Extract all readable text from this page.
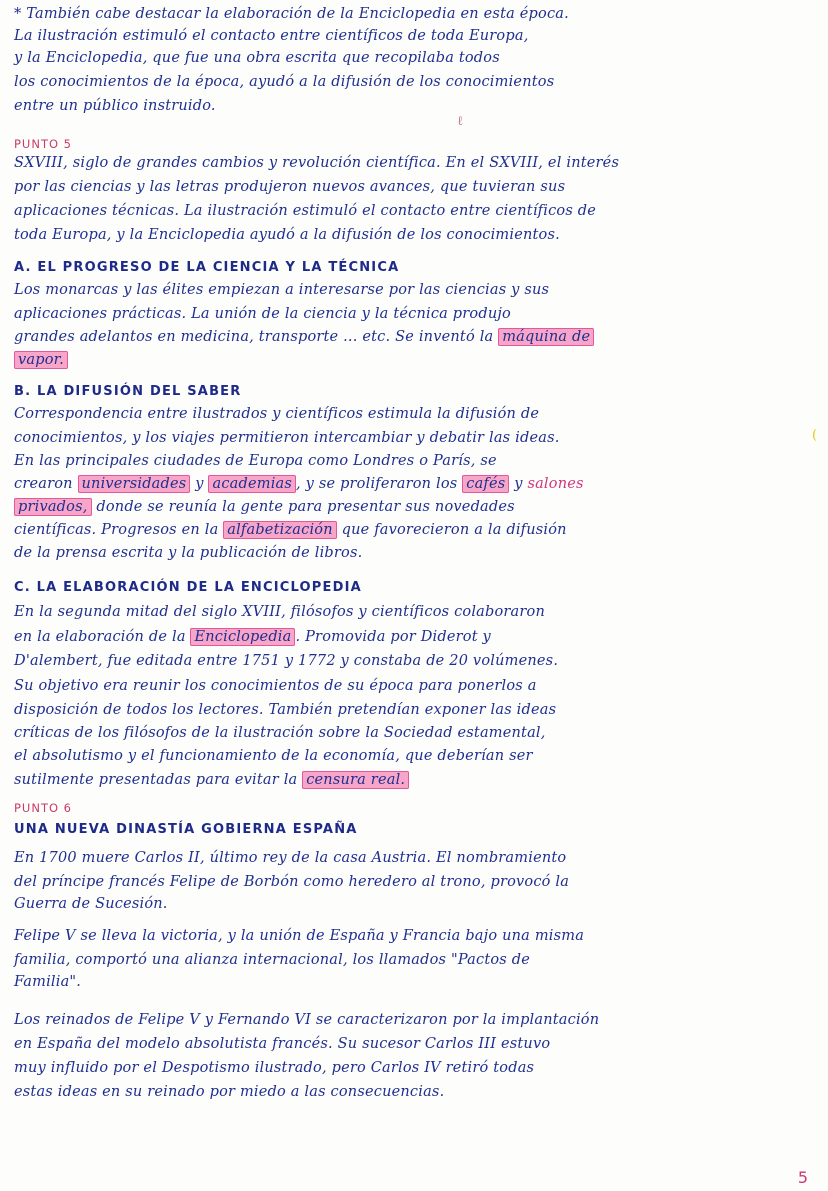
* También cabe destacar la elaboración de la Enciclopedia en esta época.
La ilustración estimuló el contacto entre científicos de toda Europa,
y la Enciclopedia, que fue una obra escrita que recopilaba todos
los conocimientos de la época, ayudó a la difusión de los conocimientos
entre un público instruido.
ℓ
PUNTO 5
SXVIII, siglo de grandes cambios y revolución científica. En el SXVIII, el interés
por las ciencias y las letras produjeron nuevos avances, que tuvieran sus
aplicaciones técnicas. La ilustración estimuló el contacto entre científicos de
toda Europa, y la Enciclopedia ayudó a la difusión de los conocimientos.
A. EL PROGRESO DE LA CIENCIA Y LA TÉCNICA
Los monarcas y las élites empiezan a interesarse por las ciencias y sus
aplicaciones prácticas. La unión de la ciencia y la técnica produjo
grandes adelantos en medicina, transporte ... etc. Se inventó la máquina de
vapor.
B. LA DIFUSIÓN DEL SABER
Correspondencia entre ilustrados y científicos estimula la difusión de
conocimientos, y los viajes permitieron intercambiar y debatir las ideas.	(
En las principales ciudades de Europa como Londres o París, se
crearon universidades y academias , y se proliferaron los cafés y salones
privados, donde se reunía la gente para presentar sus novedades
científicas. Progresos en la alfabetización que favorecieron a la difusión
de la prensa escrita y la publicación de libros.
C. LA ELABORACIÓN DE LA ENCICLOPEDIA
En la segunda mitad del siglo XVIII, filósofos y científicos colaboraron
en la elaboración de la Enciclopedia . Promovida por Diderot y
D'alembert, fue editada entre 1751 y 1772 y constaba de 20 volúmenes.
Su objetivo era reunir los conocimientos de su época para ponerlos a
disposición de todos los lectores. También pretendían exponer las ideas
críticas de los filósofos de la ilustración sobre la Sociedad estamental,
el absolutismo y el funcionamiento de la economía, que deberían ser
sutilmente presentadas para evitar la censura real.
PUNTO 6
UNA NUEVA DINASTÍA GOBIERNA ESPAÑA
En 1700 muere Carlos II, último rey de la casa Austria. El nombramiento
del príncipe francés Felipe de Borbón como heredero al trono, provocó la
Guerra de Sucesión.
Felipe V se lleva la victoria, y la unión de España y Francia bajo una misma
familia, comportó una alianza internacional, los llamados "Pactos de
Familia".
Los reinados de Felipe V y Fernando VI se caracterizaron por la implantación
en España del modelo absolutista francés. Su sucesor Carlos III estuvo
muy influido por el Despotismo ilustrado, pero Carlos IV retiró todas
estas ideas en su reinado por miedo a las consecuencias.
5
